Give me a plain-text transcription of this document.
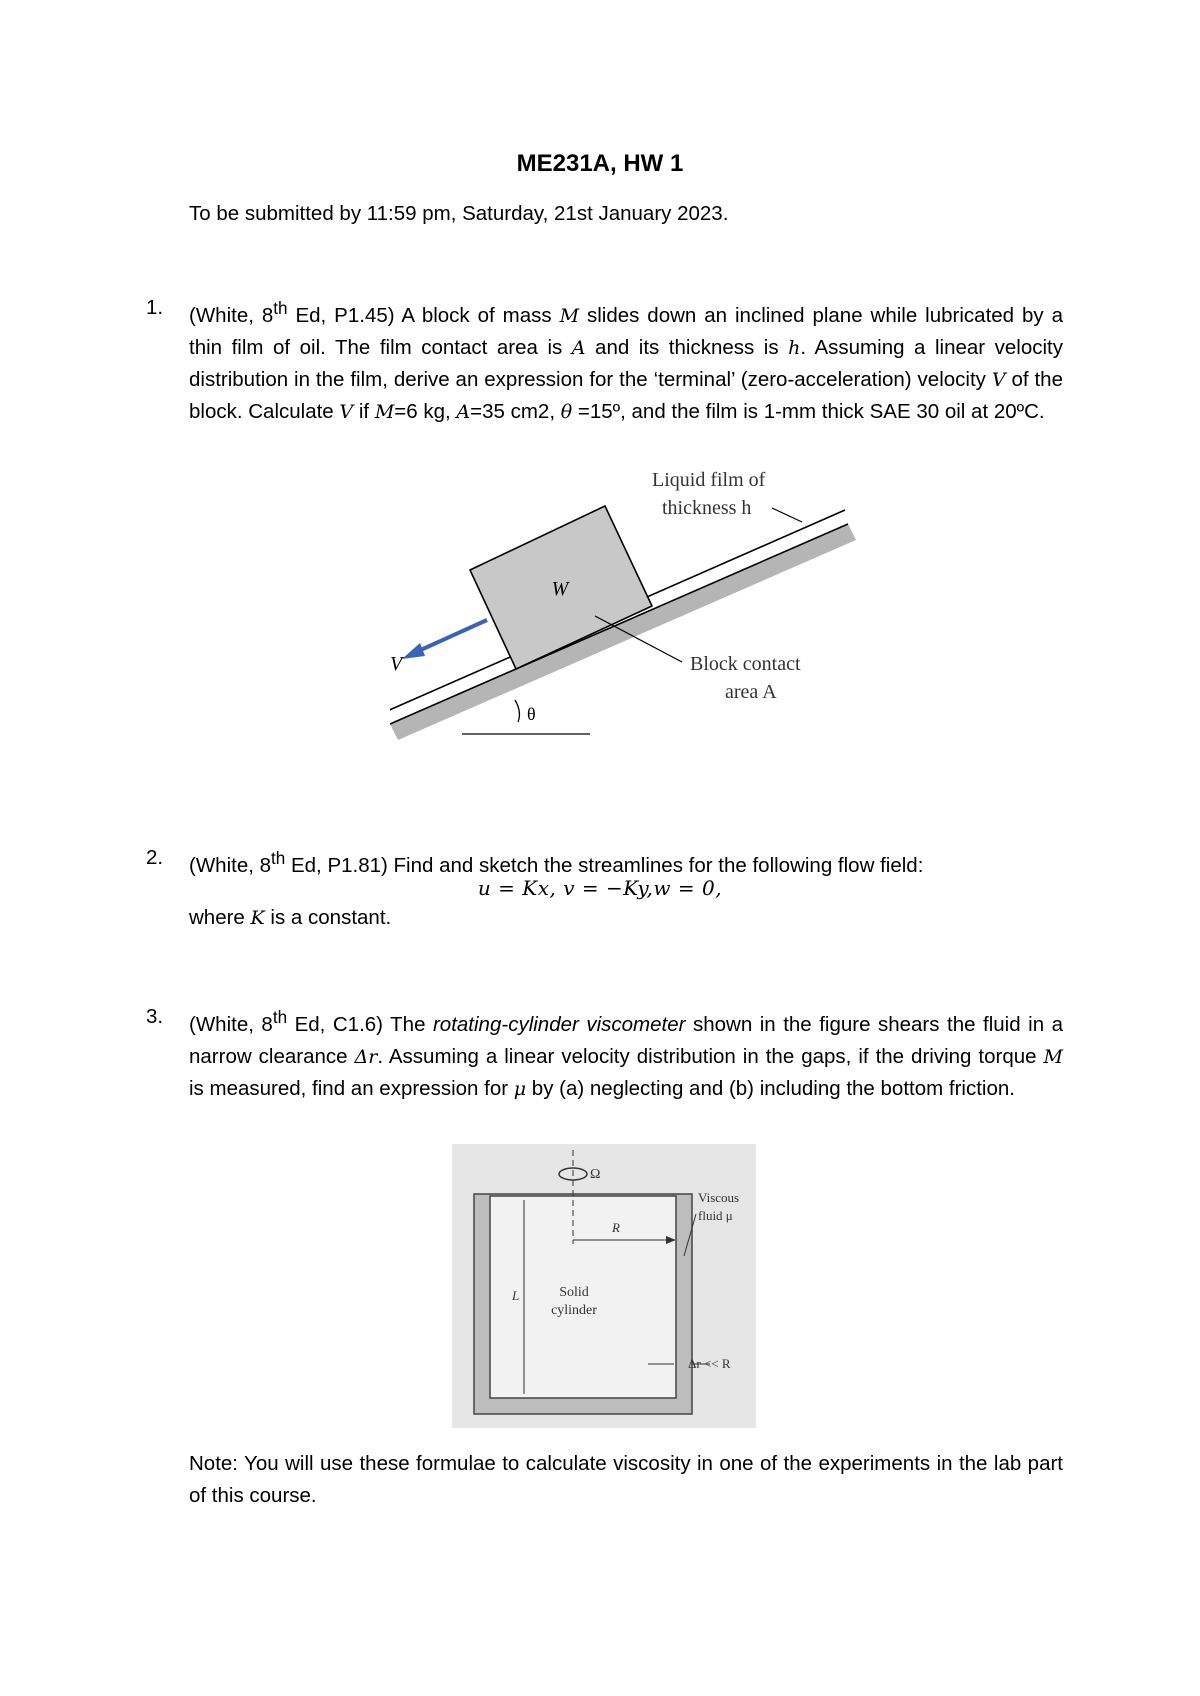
ME231A, HW 1
To be submitted by 11:59 pm, Saturday, 21st January 2023.
1. (White, 8th Ed, P1.45) A block of mass M slides down an inclined plane while lubricated by a thin film of oil. The film contact area is A and its thickness is h. Assuming a linear velocity distribution in the film, derive an expression for the ‘terminal’ (zero-acceleration) velocity V of the block. Calculate V if M=6 kg, A=35 cm2, θ =15º, and the film is 1-mm thick SAE 30 oil at 20ºC.

W
V
Liquid film of
thickness h
Block contact
area A
θ
2. (White, 8th Ed, P1.81) Find and sketch the streamlines for the following flow field:

u = Kx, v = −Ky,w = 0,
where K is a constant.
3. (White, 8th Ed, C1.6) The rotating-cylinder viscometer shown in the figure shears the fluid in a narrow clearance Δr. Assuming a linear velocity distribution in the gaps, if the driving torque M is measured, find an expression for μ by (a) neglecting and (b) including the bottom friction.

Ω
R
L	Solid
cylinder
Viscous
fluid μ
Δr << R

Note: You will use these formulae to calculate viscosity in one of the experiments in the lab part of this course.
